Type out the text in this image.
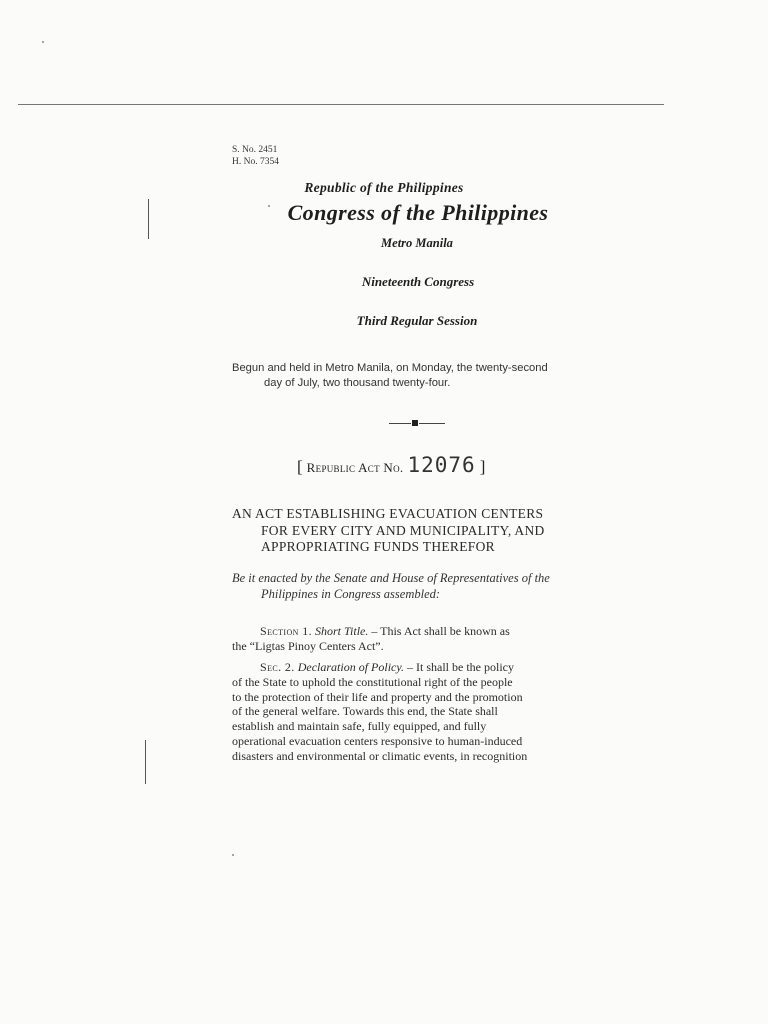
S. No. 2451
H. No. 7354
Republic of the Philippines
Congress of the Philippines
Metro Manila
Nineteenth Congress
Third Regular Session
Begun and held in Metro Manila, on Monday, the twenty-second
day of July, two thousand twenty-four.
[ Republic Act No. 12076 ]
AN ACT ESTABLISHING EVACUATION CENTERS
FOR EVERY CITY AND MUNICIPALITY, AND
APPROPRIATING FUNDS THEREFOR
Be it enacted by the Senate and House of Representatives of the
Philippines in Congress assembled:
Section 1. Short Title. – This Act shall be known as
the “Ligtas Pinoy Centers Act”.
Sec. 2. Declaration of Policy. – It shall be the policy
of the State to uphold the constitutional right of the people
to the protection of their life and property and the promotion
of the general welfare. Towards this end, the State shall
establish and maintain safe, fully equipped, and fully
operational evacuation centers responsive to human-induced
disasters and environmental or climatic events, in recognition
